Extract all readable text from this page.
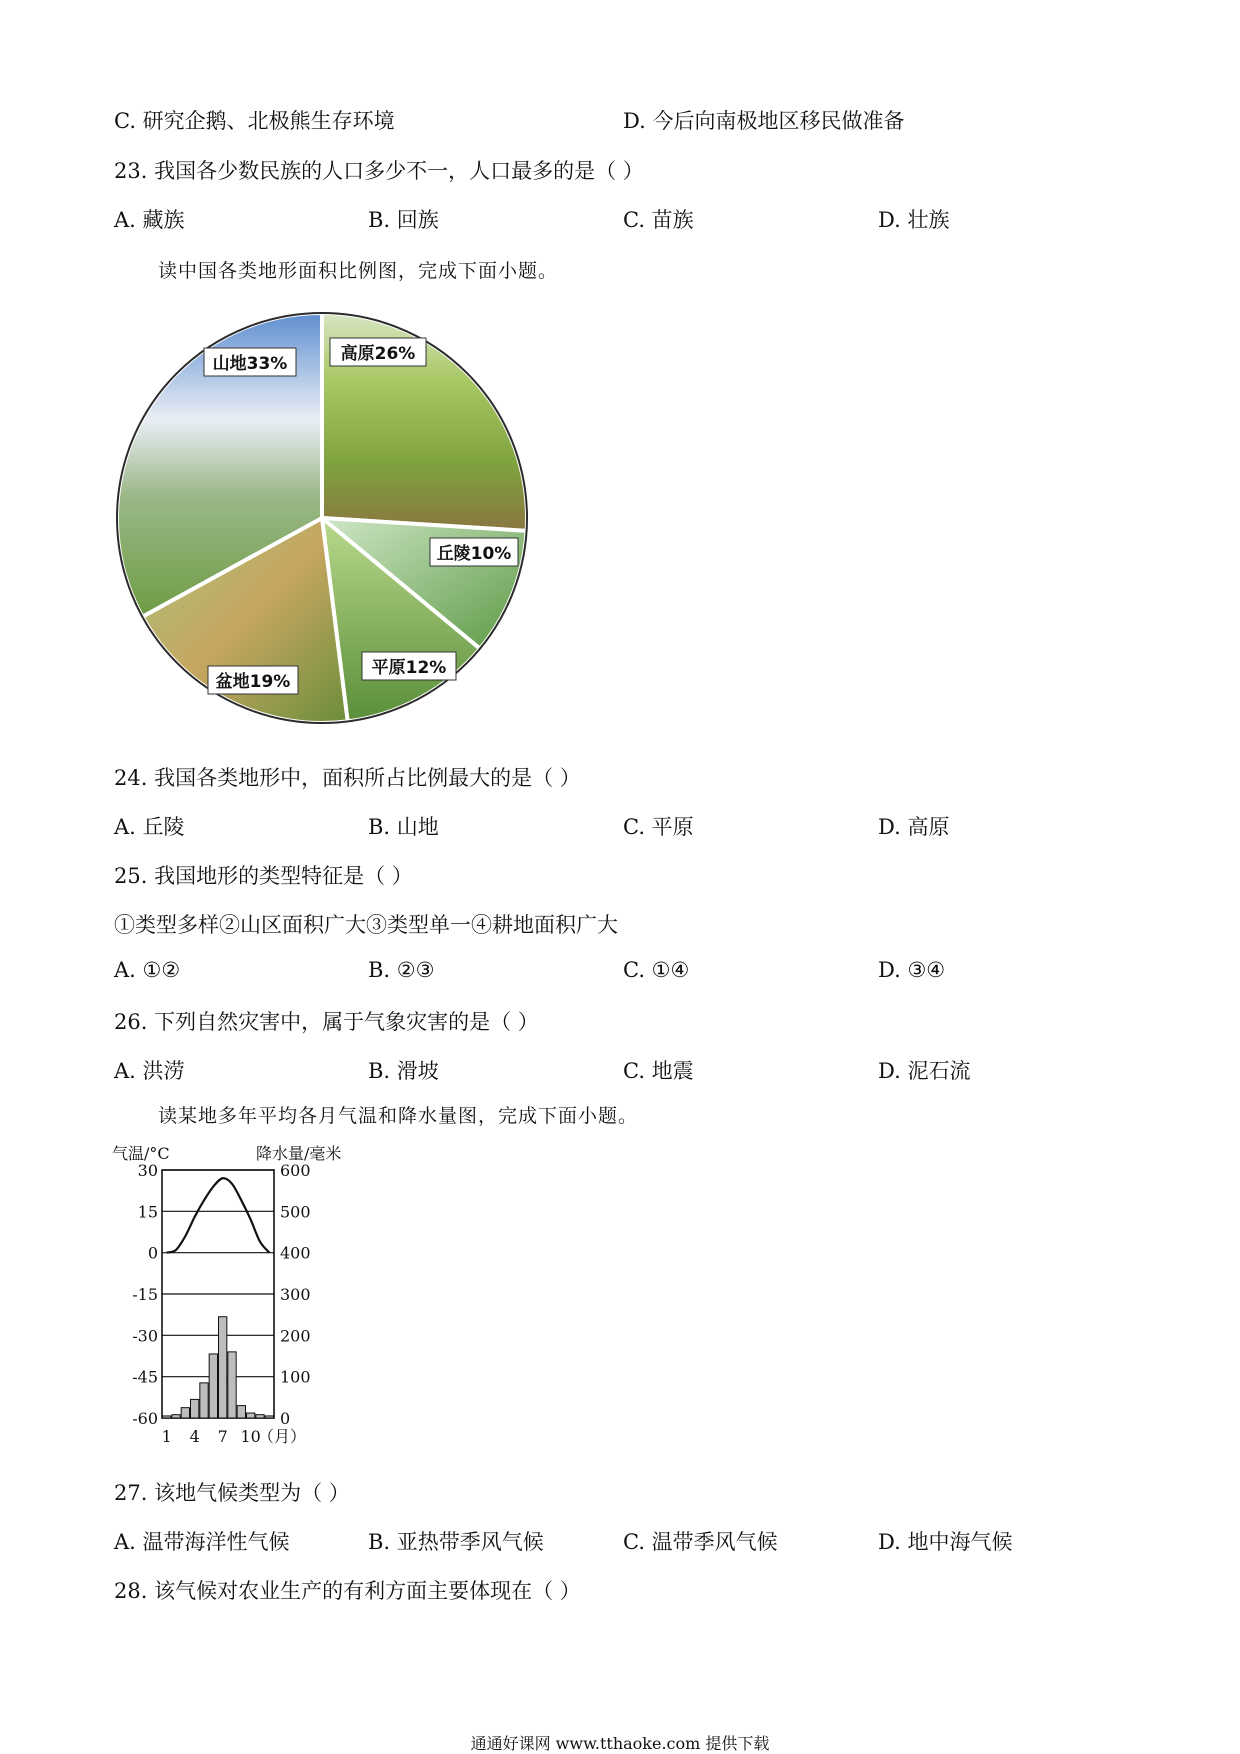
C. 研究企鹅、北极熊生存环境	D. 今后向南极地区移民做准备
23. 我国各少数民族的人口多少不一，人口最多的是（ ）
A. 藏族	B. 回族	C. 苗族	D. 壮族
读中国各类地形面积比例图，完成下面小题。
山地33%	高原26%
丘陵10%
平原12%
盆地19%
24. 我国各类地形中，面积所占比例最大的是（ ）
A. 丘陵	B. 山地	C. 平原	D. 高原
25. 我国地形的类型特征是（ ）
①类型多样②山区面积广大③类型单一④耕地面积广大
A. ①②	B. ②③	C. ①④	D. ③④
26. 下列自然灾害中，属于气象灾害的是（ ）
A. 洪涝	B. 滑坡	C. 地震	D. 泥石流
读某地多年平均各月气温和降水量图，完成下面小题。
气温/°C	降水量/毫米
30
15
0
-15
-30
-45
-60
600
500
400
300
200
100
0
1 4 7 10
（月）
27. 该地气候类型为（ ）
A. 温带海洋性气候	B. 亚热带季风气候	C. 温带季风气候	D. 地中海气候
28. 该气候对农业生产的有利方面主要体现在（ ）
通通好课网 www.tthaoke.com 提供下载
